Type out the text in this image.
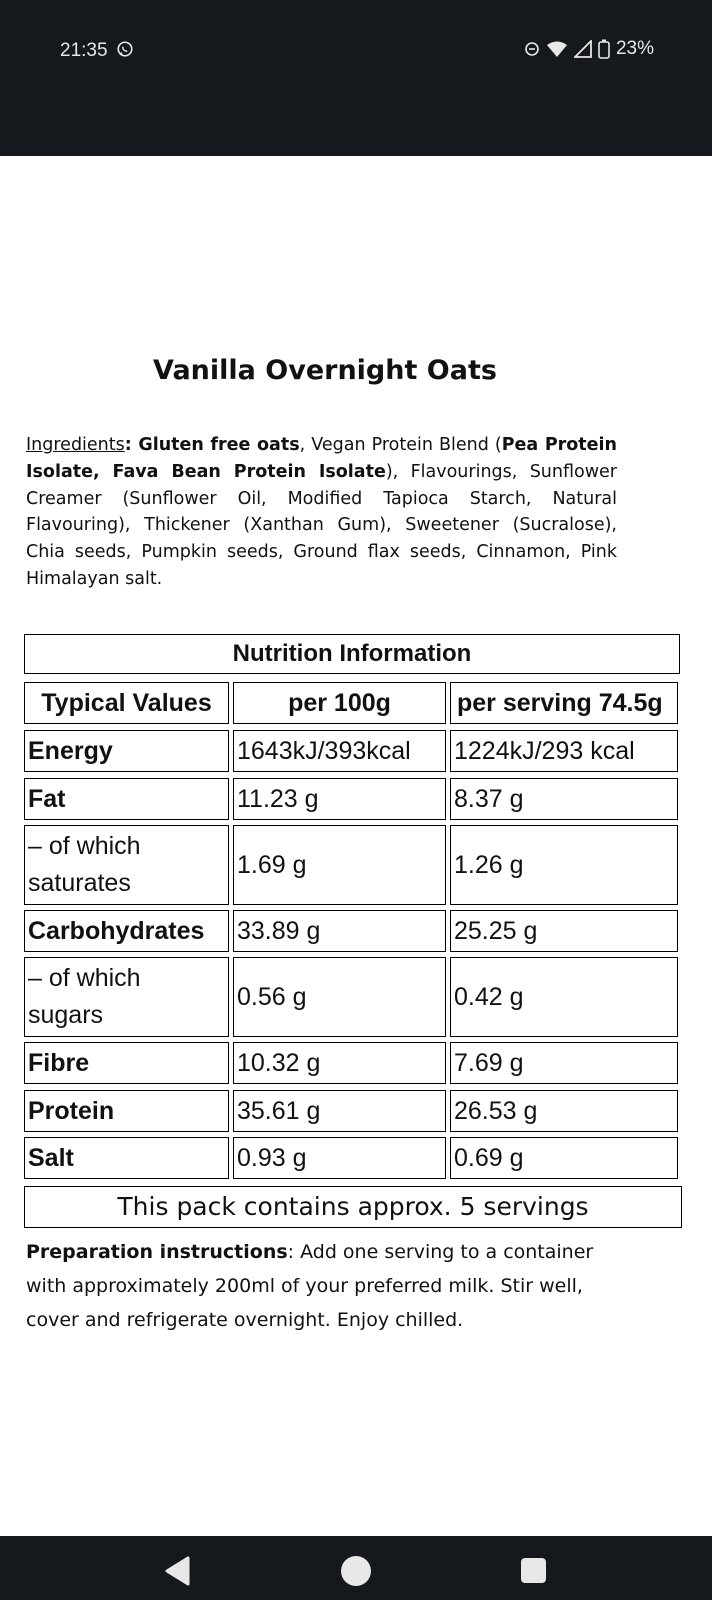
21:35	23%
Vanilla Overnight Oats
Ingredients: Gluten free oats, Vegan Protein Blend (Pea Protein Isolate, Fava Bean Protein Isolate), Flavourings, Sunflower Creamer (Sunflower Oil, Modified Tapioca Starch, Natural Flavouring), Thickener (Xanthan Gum), Sweetener (Sucralose), Chia seeds, Pumpkin seeds, Ground flax seeds, Cinnamon, Pink Himalayan salt.
Nutrition Information
Typical Values	per 100g	per serving 74.5g
Energy	1643kJ/393kcal	1224kJ/293 kcal
Fat	11.23 g	8.37 g
– of which
saturates
1.69 g	1.26 g
Carbohydrates	33.89 g	25.25 g
– of which
sugars
0.56 g	0.42 g
Fibre	10.32 g	7.69 g
Protein	35.61 g	26.53 g
Salt	0.93 g	0.69 g
This pack contains approx. 5 servings
Preparation instructions: Add one serving to a container with approximately 200ml of your preferred milk. Stir well, cover and refrigerate overnight. Enjoy chilled.
